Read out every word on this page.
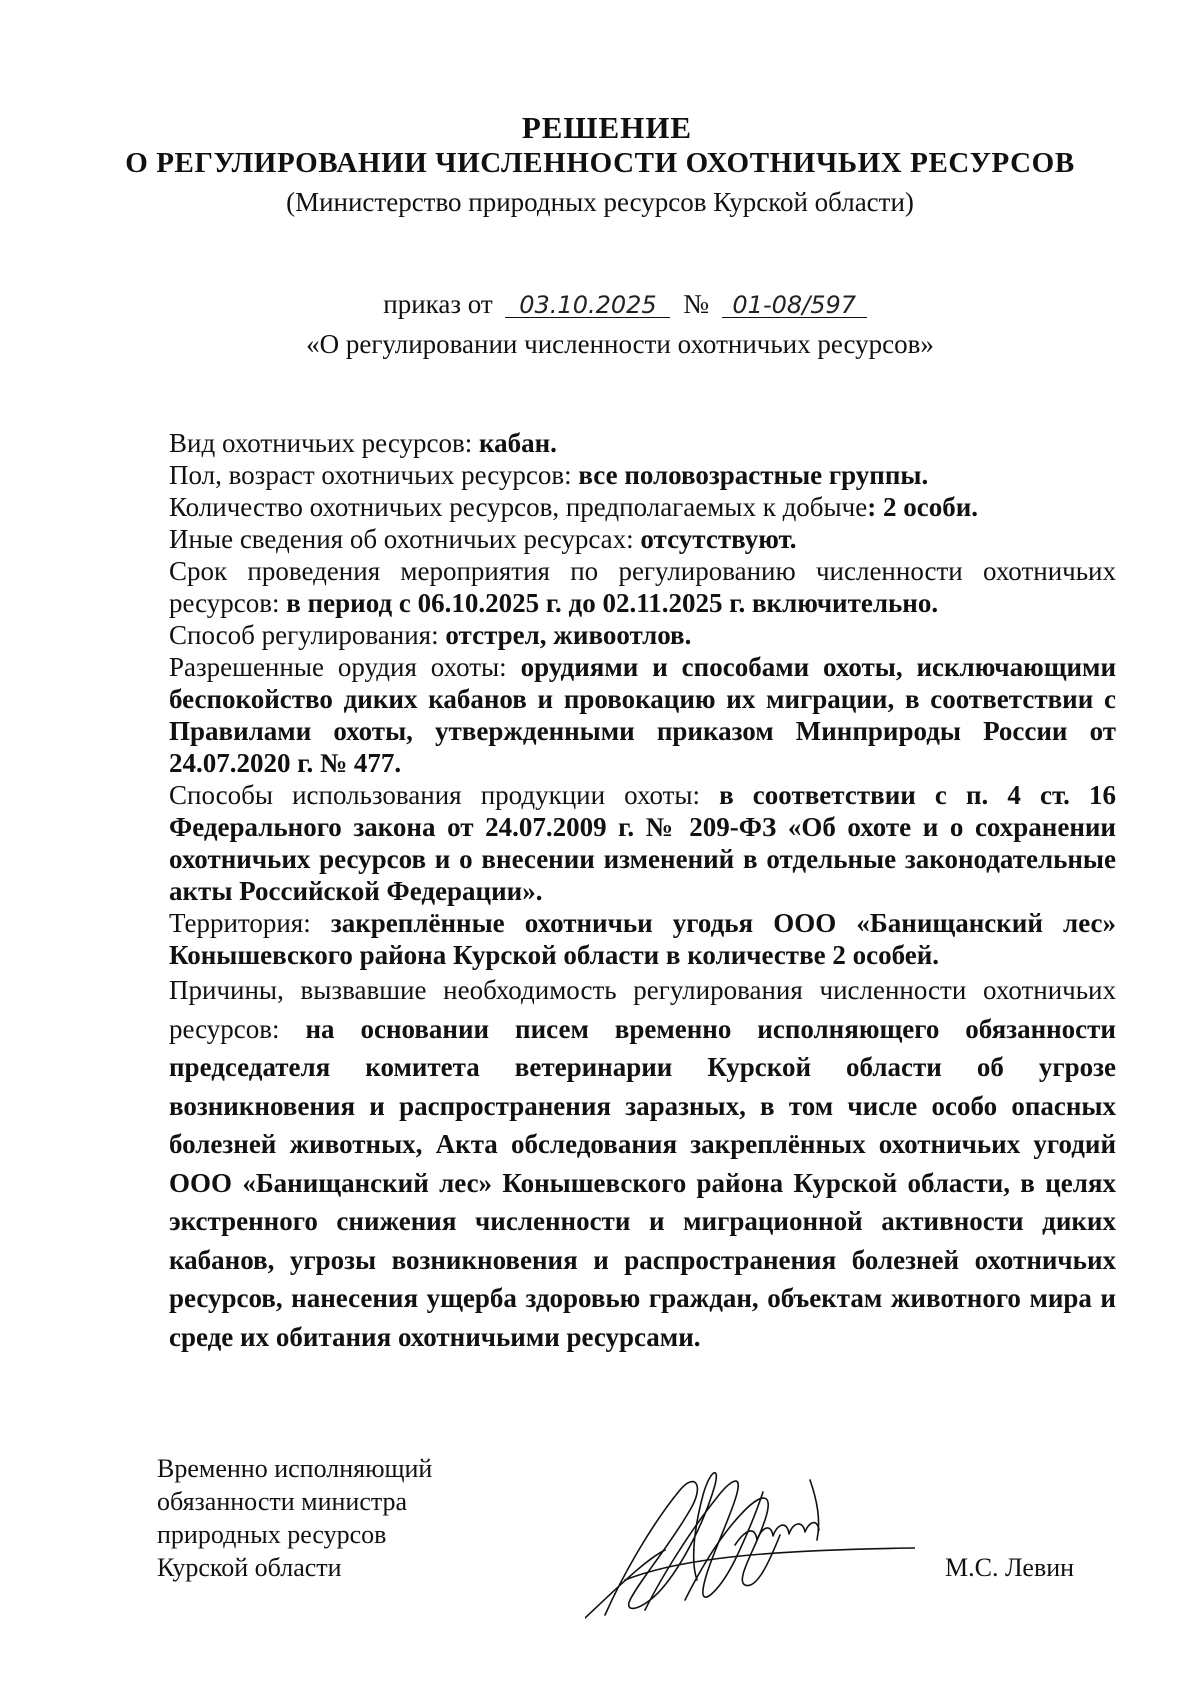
РЕШЕНИЕ
О РЕГУЛИРОВАНИИ ЧИСЛЕННОСТИ ОХОТНИЧЬИХ РЕСУРСОВ
(Министерство природных ресурсов Курской области)
приказ от 03.10.2025 № 01-08/597
«О регулировании численности охотничьих ресурсов»
Вид охотничьих ресурсов: кабан.
Пол, возраст охотничьих ресурсов: все половозрастные группы.
Количество охотничьих ресурсов, предполагаемых к добыче: 2 особи.
Иные сведения об охотничьих ресурсах: отсутствуют.
Срок проведения мероприятия по регулированию численности охотничьих ресурсов: в период с 06.10.2025 г. до 02.11.2025 г. включительно.
Способ регулирования: отстрел, живоотлов.
Разрешенные орудия охоты: орудиями и способами охоты, исключающими беспокойство диких кабанов и провокацию их миграции, в соответствии с Правилами охоты, утвержденными приказом Минприроды России от 24.07.2020 г. № 477.
Способы использования продукции охоты: в соответствии с п. 4 ст. 16 Федерального закона от 24.07.2009 г. № 209-ФЗ «Об охоте и о сохранении охотничьих ресурсов и о внесении изменений в отдельные законодательные акты Российской Федерации».
Территория: закреплённые охотничьи угодья ООО «Банищанский лес» Конышевского района Курской области в количестве 2 особей.
Причины, вызвавшие необходимость регулирования численности охотничьих ресурсов: на основании писем временно исполняющего обязанности председателя комитета ветеринарии Курской области об угрозе возникновения и распространения заразных, в том числе особо опасных болезней животных, Акта обследования закреплённых охотничьих угодий ООО «Банищанский лес» Конышевского района Курской области, в целях экстренного снижения численности и миграционной активности диких кабанов, угрозы возникновения и распространения болезней охотничьих ресурсов, нанесения ущерба здоровью граждан, объектам животного мира и среде их обитания охотничьими ресурсами.
Временно исполняющий
обязанности министра
природных ресурсов
Курской области	М.С. Левин
